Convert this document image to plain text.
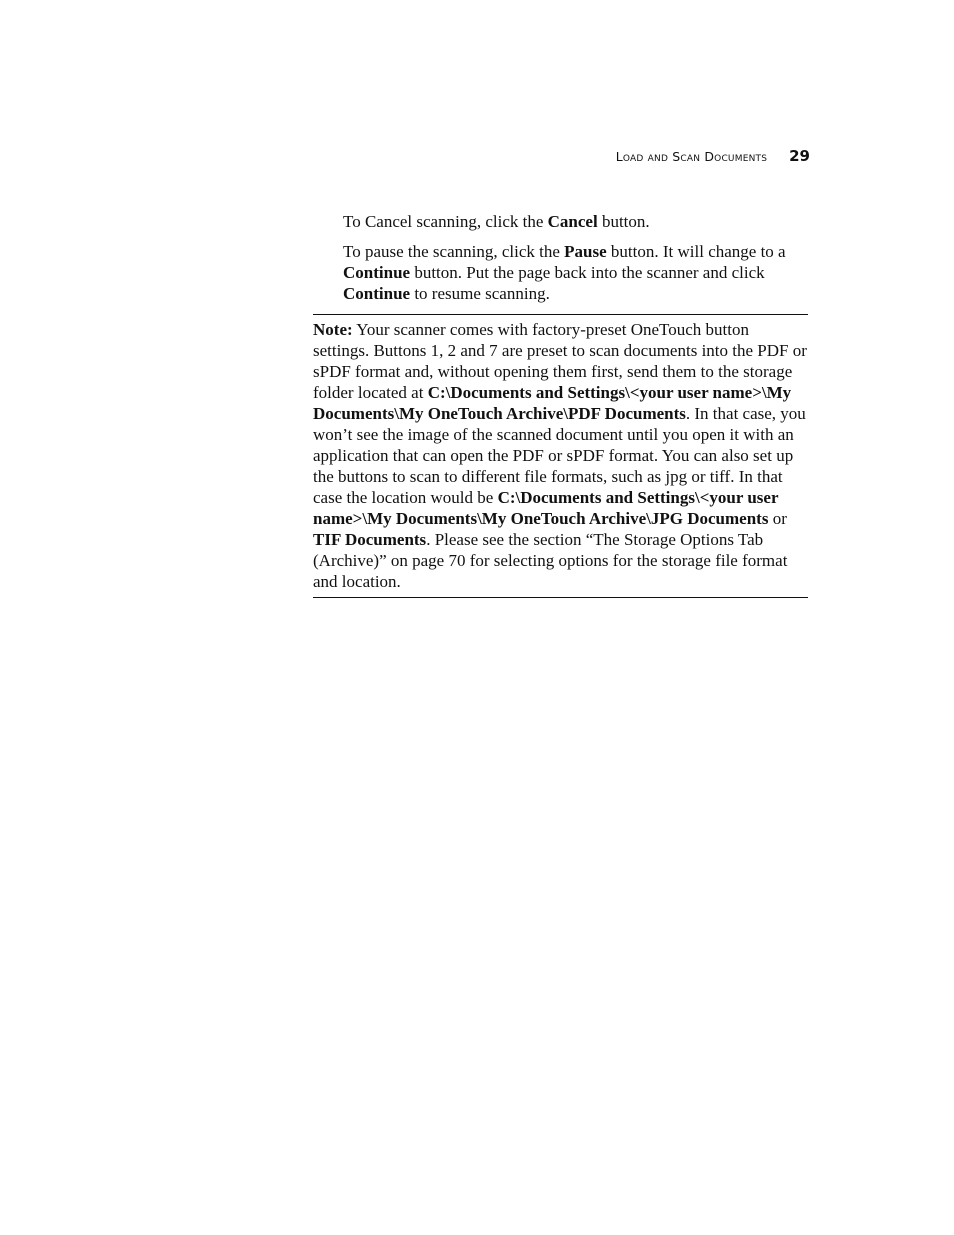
Load and Scan Documents 29
To Cancel scanning, click the Cancel button.
To pause the scanning, click the Pause button. It will change to a Continue button. Put the page back into the scanner and click Continue to resume scanning.
Note: Your scanner comes with factory-preset OneTouch button settings. Buttons 1, 2 and 7 are preset to scan documents into the PDF or sPDF format and, without opening them first, send them to the storage folder located at C:\Documents and Settings\<your user name>\My Documents\My OneTouch Archive\PDF Documents. In that case, you won’t see the image of the scanned document until you open it with an application that can open the PDF or sPDF format. You can also set up the buttons to scan to different file formats, such as jpg or tiff. In that case the location would be C:\Documents and Settings\<your user name>\My Documents\My OneTouch Archive\JPG Documents or TIF Documents. Please see the section “The Storage Options Tab (Archive)” on page 70 for selecting options for the storage file format and location.
